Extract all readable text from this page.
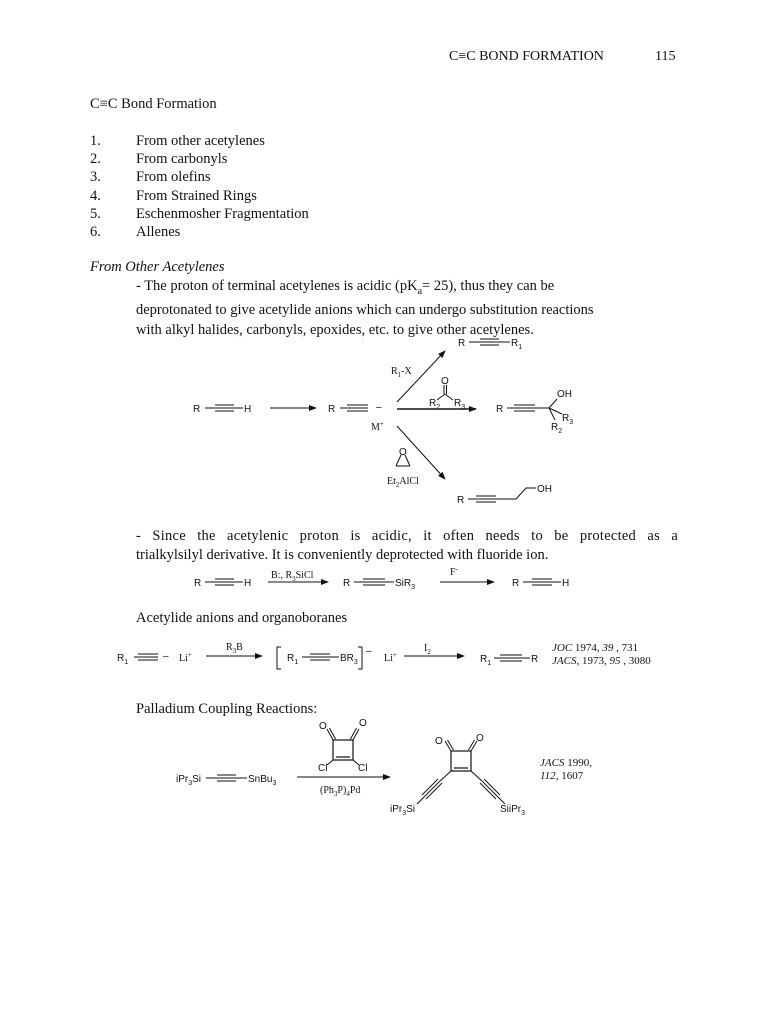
C≡C BOND FORMATION	115
C≡C Bond Formation
1.	From other acetylenes
2.	From carbonyls
3.	From olefins
4.	From Strained Rings
5.	Eschenmosher Fragmentation
6.	Allenes
From Other Acetylenes
- The proton of terminal acetylenes is acidic $(pK_a= 25)$, thus they can be
deprotonated to give acetylide anions which can undergo substitution reactions
with alkyl halides, carbonyls, epoxides, etc. to give other acetylenes.
- Since the acetylenic proton is acidic, it often needs to be protected as a
trialkylsilyl derivative. It is conveniently deprotected with fluoride ion.
Acetylide anions and organoboranes
Palladium Coupling Reactions:
JOC 1974, 39 , 731
JACS, 1973, 95 , 3080
JACS 1990,
112, 1607
R	H	R	–
M+
$R_1-X$
R	$R_1$
O
$R_2$ $R_3$	R
OH
$R_3$
$R_2$
O
$Et_2AlCl$
R
OH
R	H
B:, $R_3SiCl$
R	SiR$_3$
F-
R	H
$R_1$
– Li+
$R_3B$
$R_1$	$BR_3$
–
Li+
$I_2$
$R_1$	R
iPr$_3$Si	SnBu$_3$
O	O
Cl	Cl
$(Ph_3P)_4Pd$
O	O
iPr$_3$Si	SiiPr$_3$
